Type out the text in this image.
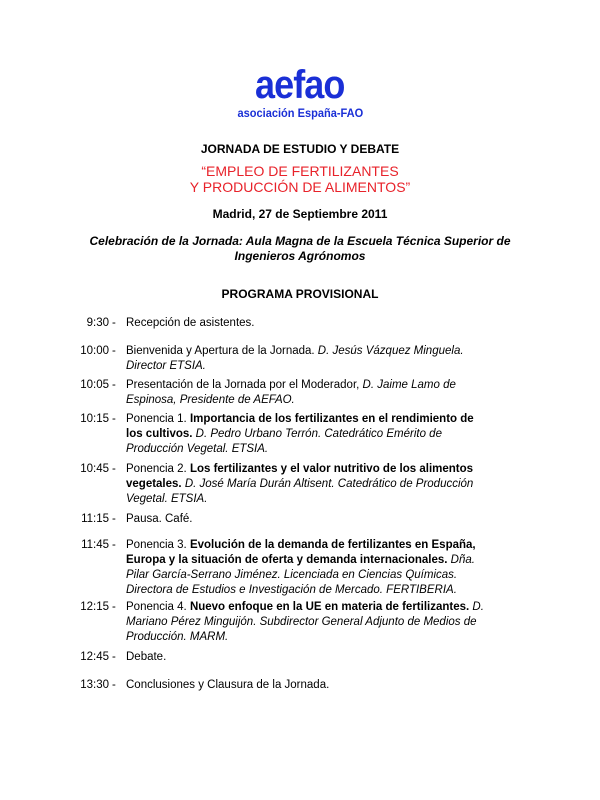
aefao
asociación España-FAO
JORNADA DE ESTUDIO Y DEBATE
“EMPLEO DE FERTILIZANTES
Y PRODUCCIÓN DE ALIMENTOS”
Madrid, 27 de Septiembre 2011
Celebración de la Jornada: Aula Magna de la Escuela Técnica Superior de
Ingenieros Agrónomos
PROGRAMA PROVISIONAL
9:30 - Recepción de asistentes.
10:00 - Bienvenida y Apertura de la Jornada. D. Jesús Vázquez Minguela.
Director ETSIA.
10:05 - Presentación de la Jornada por el Moderador, D. Jaime Lamo de
Espinosa, Presidente de AEFAO.
10:15 - Ponencia 1. Importancia de los fertilizantes en el rendimiento de
los cultivos. D. Pedro Urbano Terrón. Catedrático Emérito de
Producción Vegetal. ETSIA.
10:45 - Ponencia 2. Los fertilizantes y el valor nutritivo de los alimentos
vegetales. D. José María Durán Altisent. Catedrático de Producción
Vegetal. ETSIA.
11:15 - Pausa. Café.
11:45 - Ponencia 3. Evolución de la demanda de fertilizantes en España,
Europa y la situación de oferta y demanda internacionales. Dña.
Pilar García-Serrano Jiménez. Licenciada en Ciencias Químicas.
Directora de Estudios e Investigación de Mercado. FERTIBERIA.
12:15 - Ponencia 4. Nuevo enfoque en la UE en materia de fertilizantes. D.
Mariano Pérez Minguijón. Subdirector General Adjunto de Medios de
Producción. MARM.
12:45 - Debate.
13:30 - Conclusiones y Clausura de la Jornada.
